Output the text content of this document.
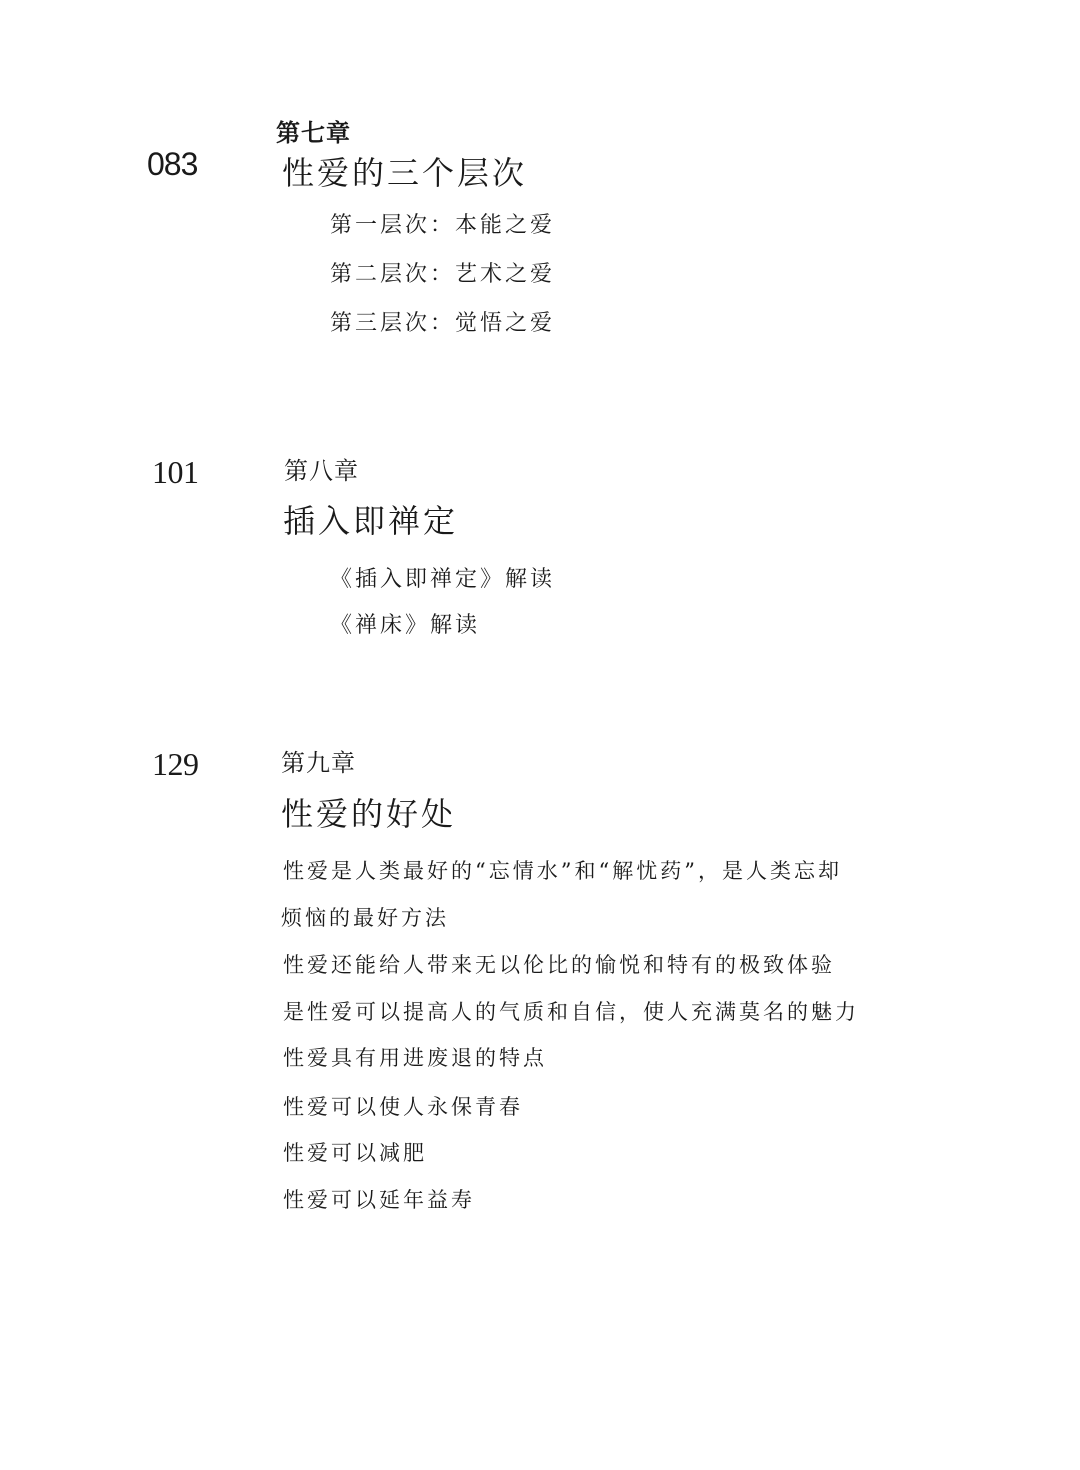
083
第七章
性爱的三个层次
第一层次：本能之爱
第二层次：艺术之爱
第三层次：觉悟之爱
101	第八章
插入即禅定
《插入即禅定》解读
《禅床》解读
129	第九章
性爱的好处
性爱是人类最好的“忘情水”和“解忧药”，是人类忘却
烦恼的最好方法
性爱还能给人带来无以伦比的愉悦和特有的极致体验
是性爱可以提高人的气质和自信，使人充满莫名的魅力
性爱具有用进废退的特点
性爱可以使人永保青春
性爱可以减肥
性爱可以延年益寿
